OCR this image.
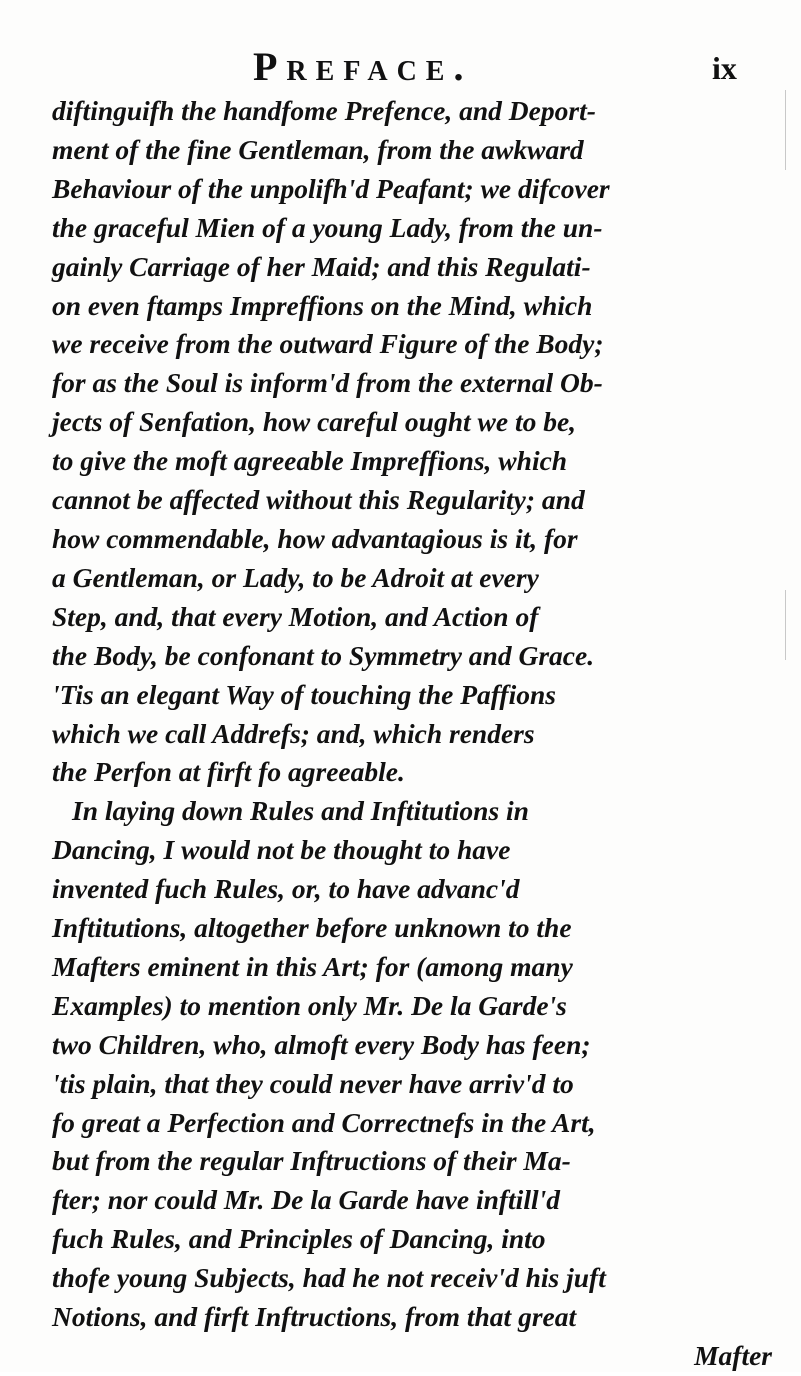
Preface.	ix
diftinguifh the handfome Prefence, and Deport-
ment of the fine Gentleman, from the awkward
Behaviour of the unpolifh'd Peafant; we difcover
the graceful Mien of a young Lady, from the un-
gainly Carriage of her Maid; and this Regulati-
on even ftamps Impreffions on the Mind, which
we receive from the outward Figure of the Body;
for as the Soul is inform'd from the external Ob-
jects of Senfation, how careful ought we to be,
to give the moft agreeable Impreffions, which
cannot be affected without this Regularity; and
how commendable, how advantagious is it, for
a Gentleman, or Lady, to be Adroit at every
Step, and, that every Motion, and Action of
the Body, be confonant to Symmetry and Grace.
'Tis an elegant Way of touching the Paffions
which we call Addrefs; and, which renders
the Perfon at firft fo agreeable.
In laying down Rules and Inftitutions in
Dancing, I would not be thought to have
invented fuch Rules, or, to have advanc'd
Inftitutions, altogether before unknown to the
Mafters eminent in this Art; for (among many
Examples) to mention only Mr. De la Garde's
two Children, who, almoft every Body has feen;
'tis plain, that they could never have arriv'd to
fo great a Perfection and Correctnefs in the Art,
but from the regular Inftructions of their Ma-
fter; nor could Mr. De la Garde have inftill'd
fuch Rules, and Principles of Dancing, into
thofe young Subjects, had he not receiv'd his juft
Notions, and firft Inftructions, from that great
Mafter
